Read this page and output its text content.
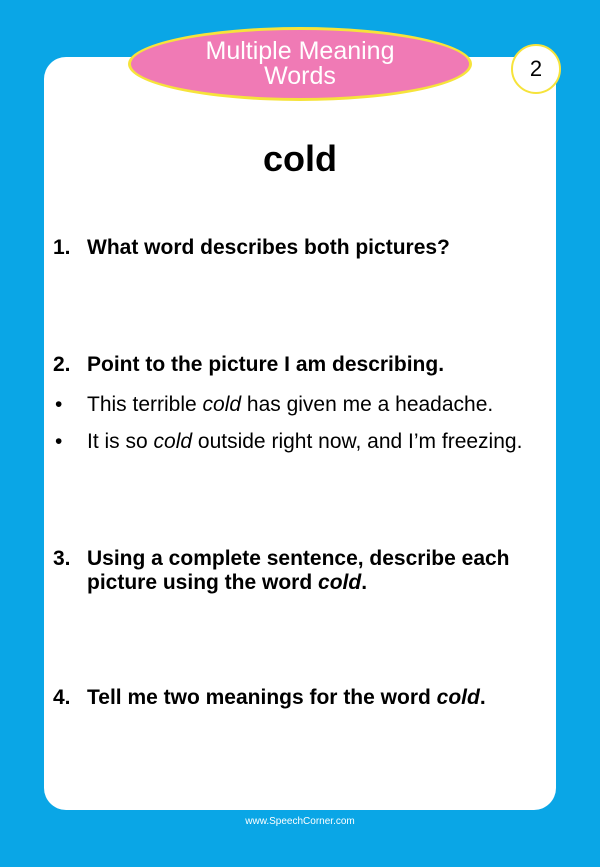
Multiple Meaning
Words	2
cold
1. What word describes both pictures?
2. Point to the picture I am describing.
• This terrible cold has given me a headache.
• It is so cold outside right now, and I’m freezing.
3. Using a complete sentence, describe each picture using the word cold.
4. Tell me two meanings for the word cold.
www.SpeechCorner.com
